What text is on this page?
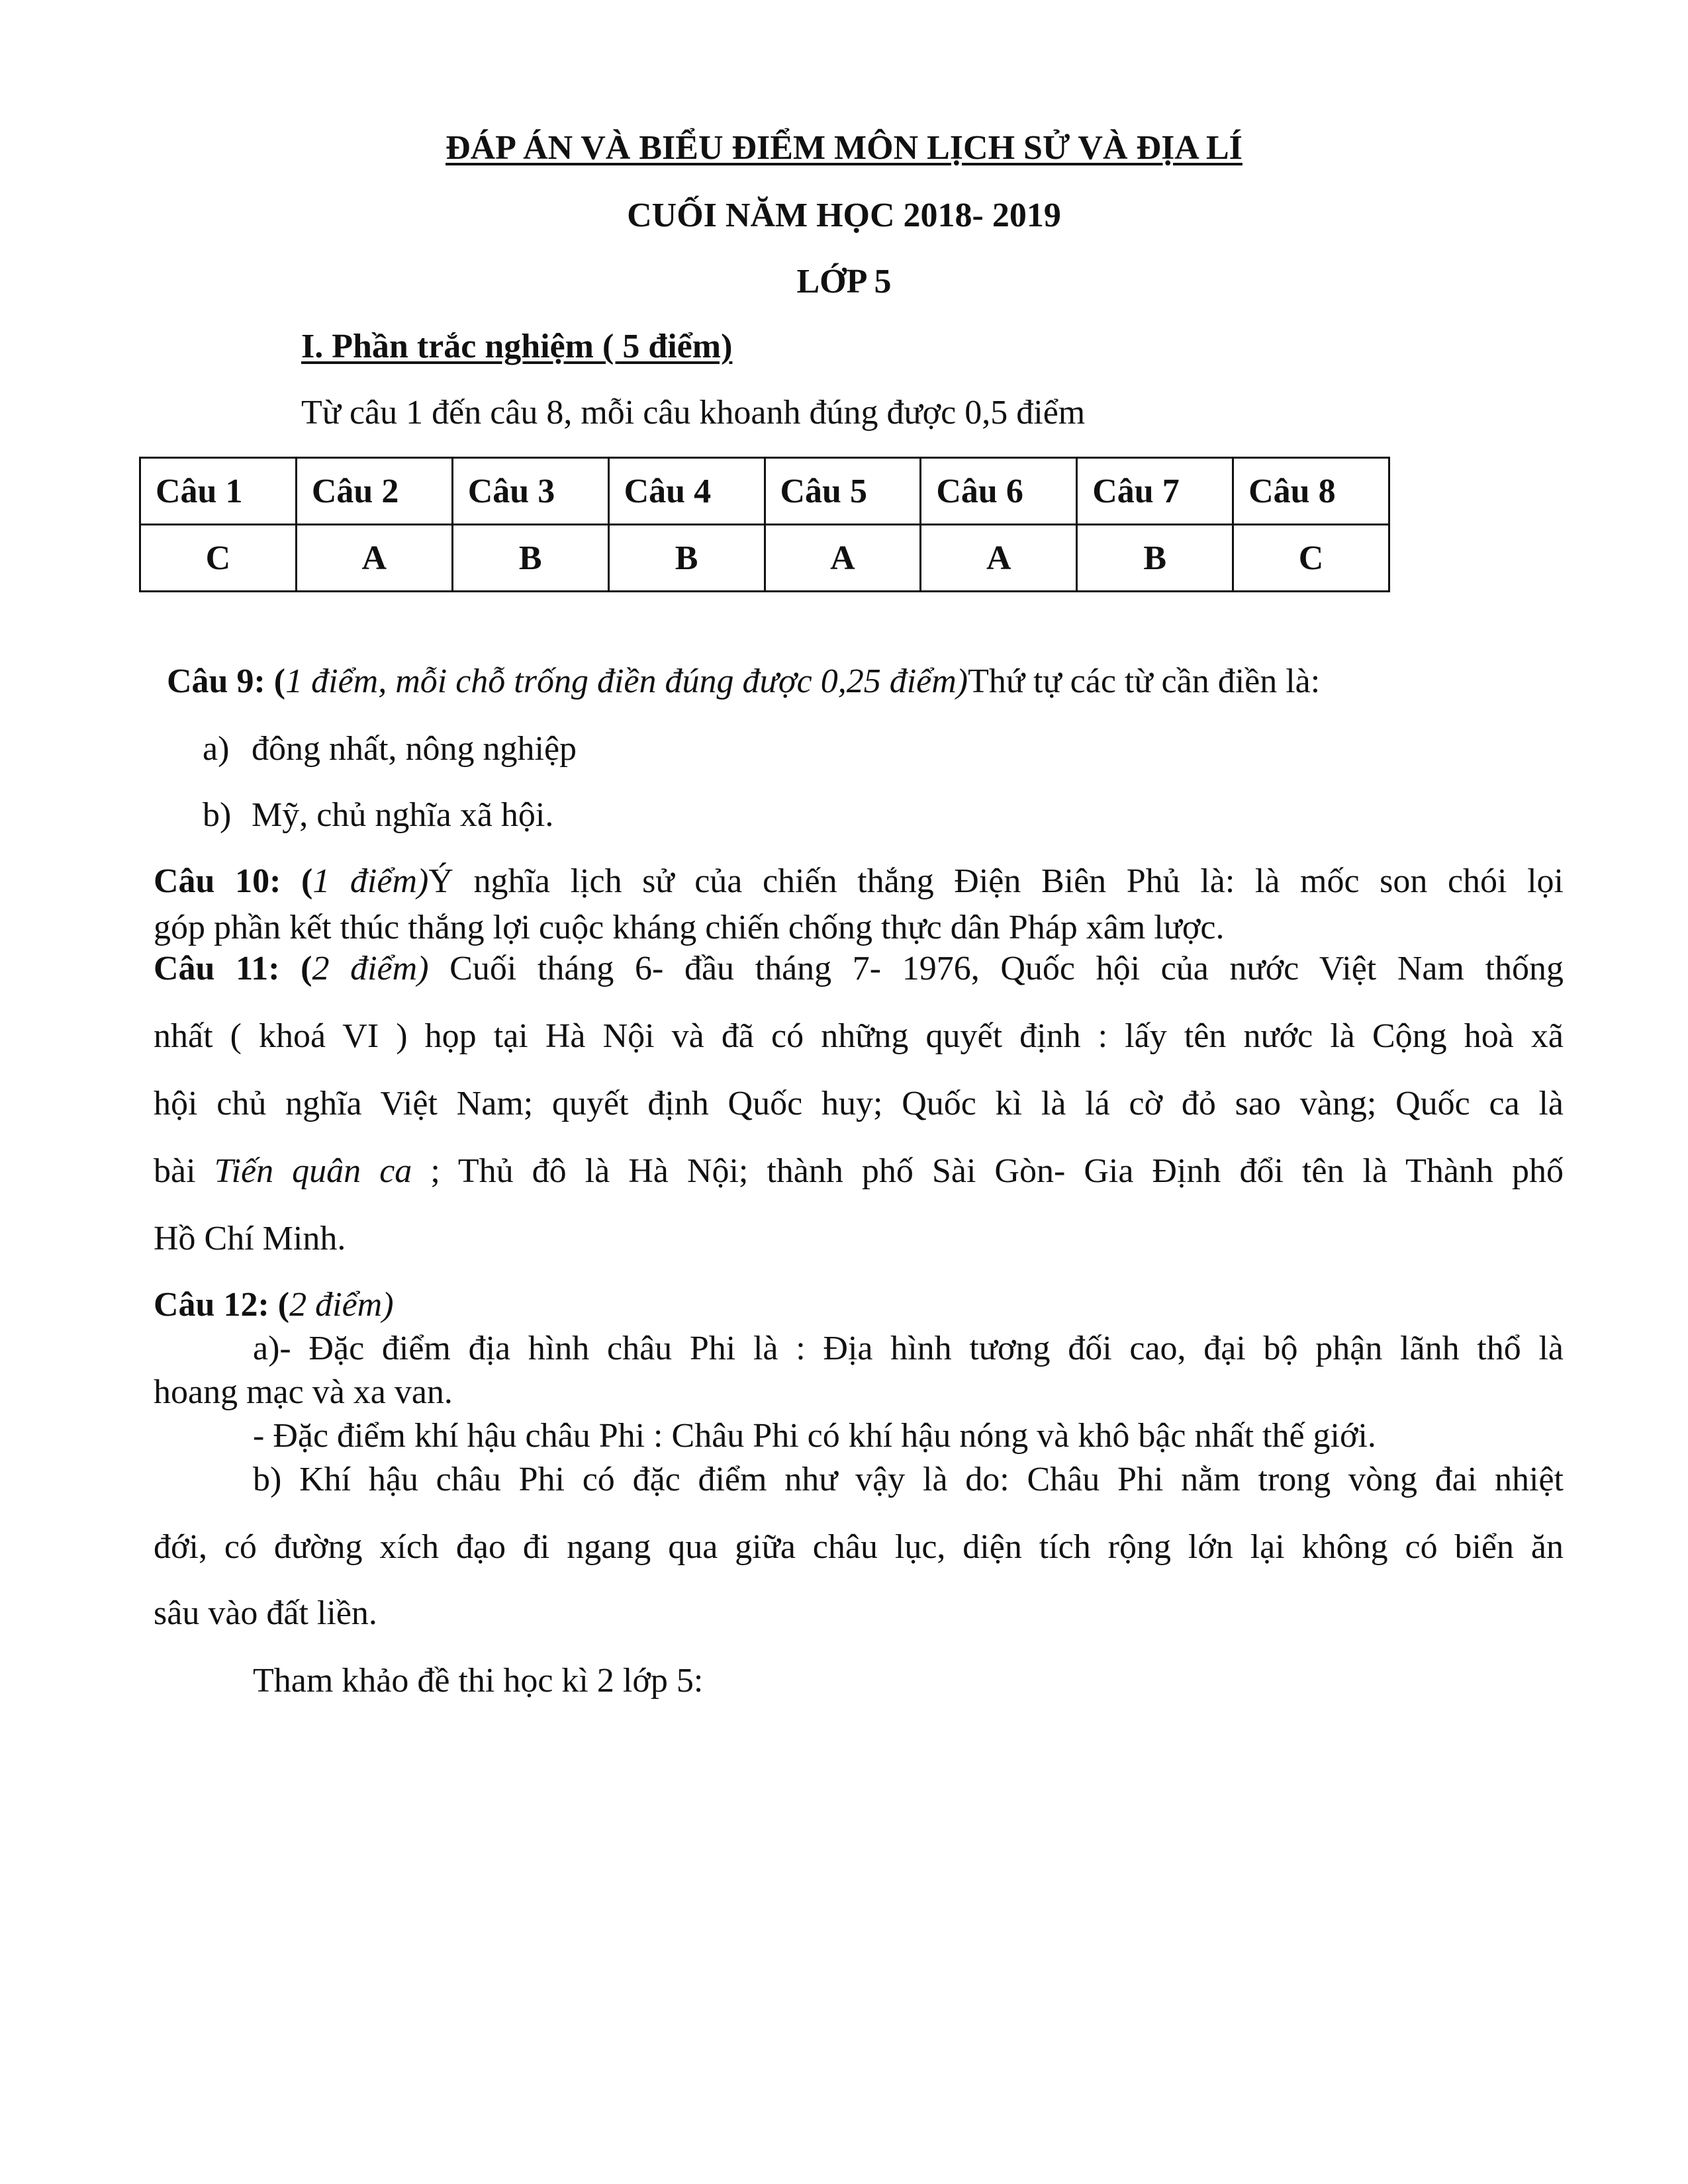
ĐÁP ÁN VÀ BIỂU ĐIỂM MÔN LỊCH SỬ VÀ ĐỊA LÍ
CUỐI NĂM HỌC 2018- 2019
LỚP 5
I. Phần trắc nghiệm ( 5 điểm)
Từ câu 1 đến câu 8, mỗi câu khoanh đúng được 0,5 điểm
Câu 1	Câu 2	Câu 3	Câu 4	Câu 5	Câu 6	Câu 7	Câu 8
C	A	B	B	A	A	B	C
Câu 9: (1 điểm, mỗi chỗ trống điền đúng được 0,25 điểm)Thứ tự các từ cần điền là:
a) đông nhất, nông nghiệp
b) Mỹ, chủ nghĩa xã hội.
Câu 10: (1 điểm)Ý nghĩa lịch sử của chiến thắng Điện Biên Phủ là: là mốc son chói lọi
góp phần kết thúc thắng lợi cuộc kháng chiến chống thực dân Pháp xâm lược.
Câu 11: (2 điểm) Cuối tháng 6- đầu tháng 7- 1976, Quốc hội của nước Việt Nam thống
nhất ( khoá VI ) họp tại Hà Nội và đã có những quyết định : lấy tên nước là Cộng hoà xã
hội chủ nghĩa Việt Nam; quyết định Quốc huy; Quốc kì là lá cờ đỏ sao vàng; Quốc ca là
bài Tiến quân ca ; Thủ đô là Hà Nội; thành phố Sài Gòn- Gia Định đổi tên là Thành phố
Hồ Chí Minh.
Câu 12: (2 điểm)
a)- Đặc điểm địa hình châu Phi là : Địa hình tương đối cao, đại bộ phận lãnh thổ là
hoang mạc và xa van.
- Đặc điểm khí hậu châu Phi : Châu Phi có khí hậu nóng và khô bậc nhất thế giới.
b) Khí hậu châu Phi có đặc điểm như vậy là do: Châu Phi nằm trong vòng đai nhiệt
đới, có đường xích đạo đi ngang qua giữa châu lục, diện tích rộng lớn lại không có biển ăn
sâu vào đất liền.
Tham khảo đề thi học kì 2 lớp 5:
